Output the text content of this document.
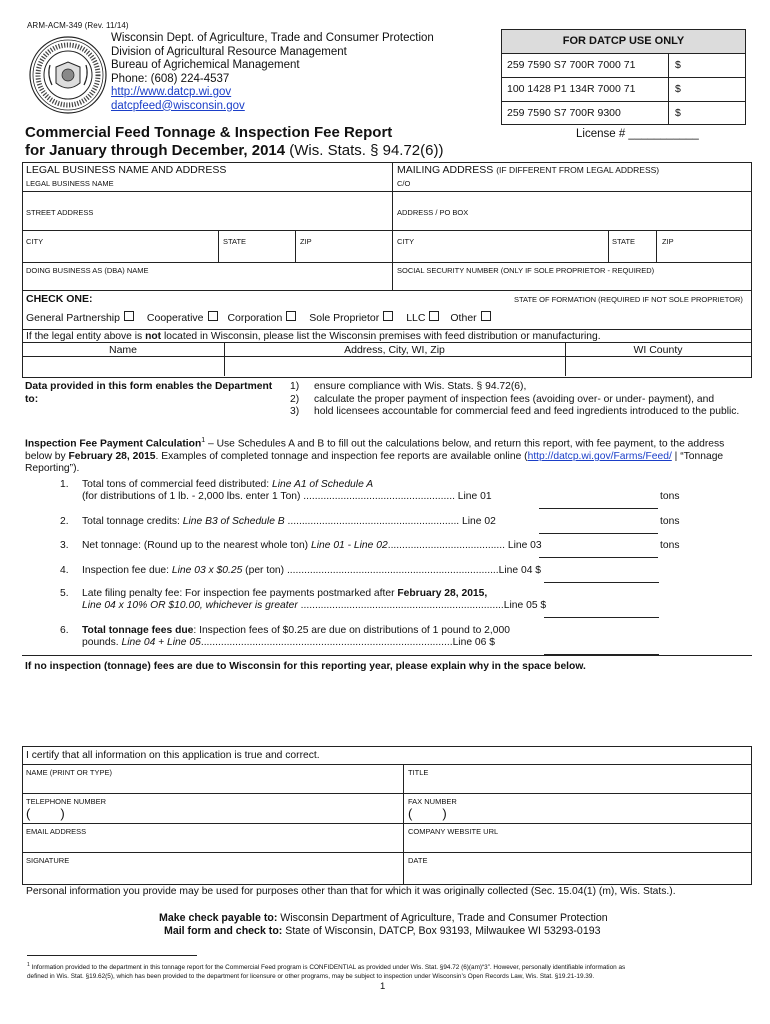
ARM-ACM-349 (Rev. 11/14)
Wisconsin Dept. of Agriculture, Trade and Consumer Protection
Division of Agricultural Resource Management
Bureau of Agrichemical Management
Phone: (608) 224-4537
http://www.datcp.wi.gov
datcpfeed@wisconsin.gov
FOR DATCP USE ONLY
259 7590 S7 700R 7000 71	$
100 1428 P1 134R 7000 71	$
259 7590 S7 700R 9300	$
Commercial Feed Tonnage & Inspection Fee Report
for January through December, 2014 (Wis. Stats. § 94.72(6))
License # ___________
LEGAL BUSINESS NAME AND ADDRESS	MAILING ADDRESS (IF DIFFERENT FROM LEGAL ADDRESS)
LEGAL BUSINESS NAME	C/O
STREET ADDRESS	ADDRESS / PO BOX
CITY	STATE	ZIP	CITY	STATE	ZIP
DOING BUSINESS AS (DBA) NAME	SOCIAL SECURITY NUMBER (ONLY IF SOLE PROPRIETOR - REQUIRED)
CHECK ONE:	STATE OF FORMATION (REQUIRED IF NOT SOLE PROPRIETOR)
General Partnership	Cooperative Corporation	Sole Proprietor	LLC Other
If the legal entity above is not located in Wisconsin, please list the Wisconsin premises with feed distribution or manufacturing.
Name	Address, City, WI, Zip	WI County
Data provided in this form enables the Department to:
1) ensure compliance with Wis. Stats. § 94.72(6),
2) calculate the proper payment of inspection fees (avoiding over- or under- payment), and
3) hold licensees accountable for commercial feed and feed ingredients introduced to the public.
Inspection Fee Payment Calculation$^1$ – Use Schedules A and B to fill out the calculations below, and return this report, with fee payment, to the address
below by February 28, 2015. Examples of completed tonnage and inspection fee reports are available online (http://datcp.wi.gov/Farms/Feed/ | “Tonnage
Reporting”).
1. Total tons of commercial feed distributed: Line A1 of Schedule A
(for distributions of 1 lb. - 2,000 lbs. enter 1 Ton) ..................................................... Line 01	tons
2. Total tonnage credits: Line B3 of Schedule B ............................................................ Line 02	tons
3. Net tonnage: (Round up to the nearest whole ton) Line 01 - Line 02......................................... Line 03	tons
4. Inspection fee due: Line 03 x $0.25 (per ton) ..........................................................................Line 04 $
5. Late filing penalty fee: For inspection fee payments postmarked after February 28, 2015,
Line 04 x 10% OR $10.00, whichever is greater .......................................................................Line 05 $
6. Total tonnage fees due: Inspection fees of $0.25 are due on distributions of 1 pound to 2,000
pounds. Line 04 + Line 05........................................................................................Line 06 $
If no inspection (tonnage) fees are due to Wisconsin for this reporting year, please explain why in the space below.
I certify that all information on this application is true and correct.
NAME (PRINT OR TYPE)	TITLE
TELEPHONE NUMBER	FAX NUMBER
( )	( )
EMAIL ADDRESS	COMPANY WEBSITE URL
SIGNATURE	DATE
Personal information you provide may be used for purposes other than that for which it was originally collected (Sec. 15.04(1) (m), Wis. Stats.).
Make check payable to: Wisconsin Department of Agriculture, Trade and Consumer Protection
Mail form and check to: State of Wisconsin, DATCP, Box 93193, Milwaukee WI 53293-0193
$^1$ Information provided to the department in this tonnage report for the Commercial Feed program is CONFIDENTIAL as provided under Wis. Stat. §94.72 (6)(am)“3”. However, personally identifiable information as
defined in Wis. Stat. §19.62(5), which has been provided to the department for licensure or other programs, may be subject to inspection under Wisconsin’s Open Records Law, Wis. Stat. §19.21-19.39.
1
